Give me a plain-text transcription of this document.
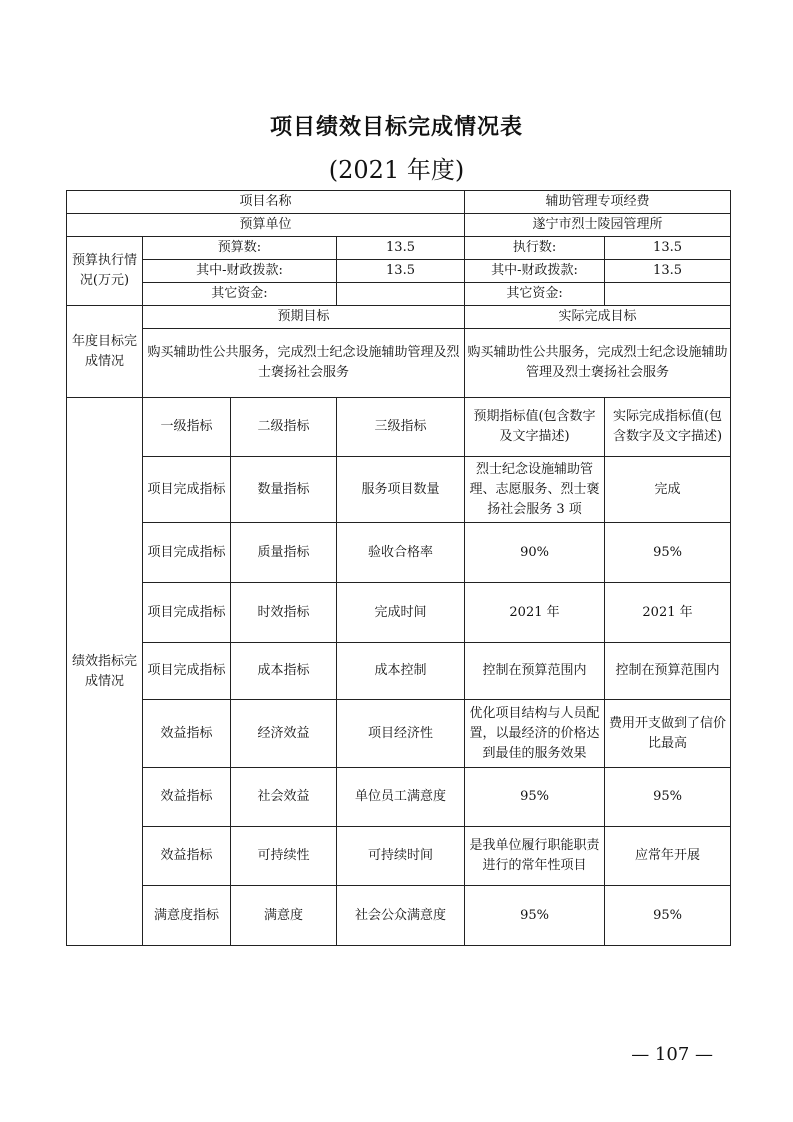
项目绩效目标完成情况表
(2021 年度)
项目名称				辅助管理专项经费	
预算单位				遂宁市烈士陵园管理所	
预算执行情况(万元)	预算数:		13.5	执行数:	13.5
	其中-财政拨款:		13.5	其中-财政拨款:	13.5
	其它资金:			其它资金:	
年度目标完成情况	预期目标			实际完成目标	
	购买辅助性公共服务，完成烈士纪念设施辅助管理及烈士褒扬社会服务			购买辅助性公共服务，完成烈士纪念设施辅助管理及烈士褒扬社会服务	
绩效指标完成情况	一级指标	二级指标	三级指标	预期指标值(包含数字及文字描述)	实际完成指标值(包含数字及文字描述)
	项目完成指标	数量指标	服务项目数量	烈士纪念设施辅助管理、志愿服务、烈士褒扬社会服务 3 项	完成
	项目完成指标	质量指标	验收合格率	90%	95%
	项目完成指标	时效指标	完成时间	2021 年	2021 年
	项目完成指标	成本指标	成本控制	控制在预算范围内	控制在预算范围内
	效益指标	经济效益	项目经济性	优化项目结构与人员配置，以最经济的价格达到最佳的服务效果	费用开支做到了信价比最高
	效益指标	社会效益	单位员工满意度	95%	95%
	效益指标	可持续性	可持续时间	是我单位履行职能职责进行的常年性项目	应常年开展
	满意度指标	满意度	社会公众满意度	95%	95%
— 107 —
